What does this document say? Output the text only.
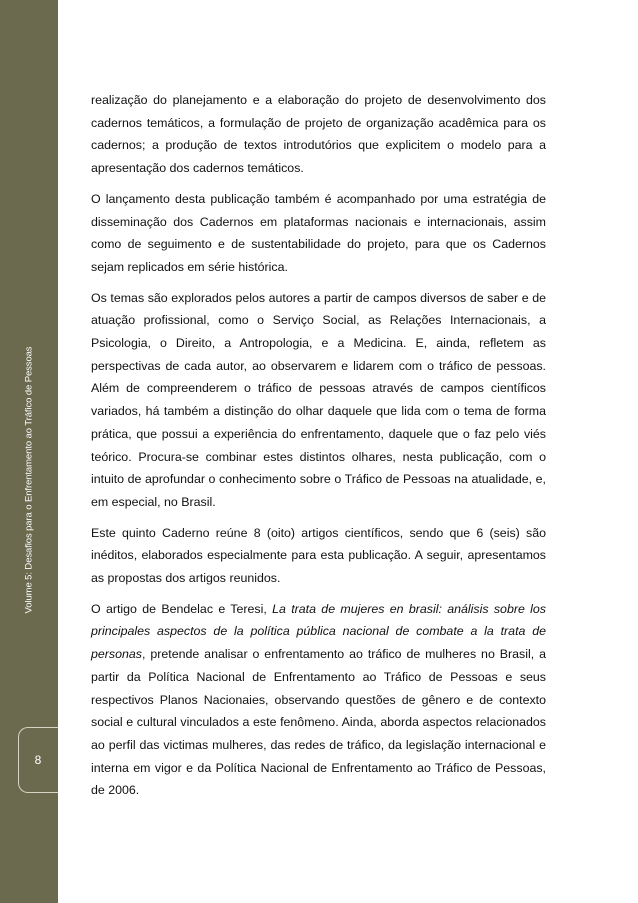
Volume 5: Desafios para o Enfrentamento ao Tráfico de Pessoas
8

realização do planejamento e a elaboração do projeto de desenvolvimento dos cadernos temáticos, a formulação de projeto de organização acadêmica para os cadernos; a produção de textos introdutórios que explicitem o modelo para a apresentação dos cadernos temáticos.

O lançamento desta publicação também é acompanhado por uma estratégia de disseminação dos Cadernos em plataformas nacionais e internacionais, assim como de seguimento e de sustentabilidade do projeto, para que os Cadernos sejam replicados em série histórica.

Os temas são explorados pelos autores a partir de campos diversos de saber e de atuação profissional, como o Serviço Social, as Relações Internacionais, a Psicologia, o Direito, a Antropologia, e a Medicina. E, ainda, refletem as perspectivas de cada autor, ao observarem e lidarem com o tráfico de pessoas. Além de compreenderem o tráfico de pessoas através de campos científicos variados, há também a distinção do olhar daquele que lida com o tema de forma prática, que possui a experiência do enfrentamento, daquele que o faz pelo viés teórico. Procura-se combinar estes distintos olhares, nesta publicação, com o intuito de aprofundar o conhecimento sobre o Tráfico de Pessoas na atualidade, e, em especial, no Brasil.

Este quinto Caderno reúne 8 (oito) artigos científicos, sendo que 6 (seis) são inéditos, elaborados especialmente para esta publicação. A seguir, apresentamos as propostas dos artigos reunidos.

O artigo de Bendelac e Teresi, La trata de mujeres en brasil: análisis sobre los principales aspectos de la política pública nacional de combate a la trata de personas, pretende analisar o enfrentamento ao tráfico de mulheres no Brasil, a partir da Política Nacional de Enfrentamento ao Tráfico de Pessoas e seus respectivos Planos Nacionaies, observando questões de gênero e de contexto social e cultural vinculados a este fenômeno. Ainda, aborda aspectos relacionados ao perfil das victimas mulheres, das redes de tráfico, da legislação internacional e interna em vigor e da Política Nacional de Enfrentamento ao Tráfico de Pessoas, de 2006.
